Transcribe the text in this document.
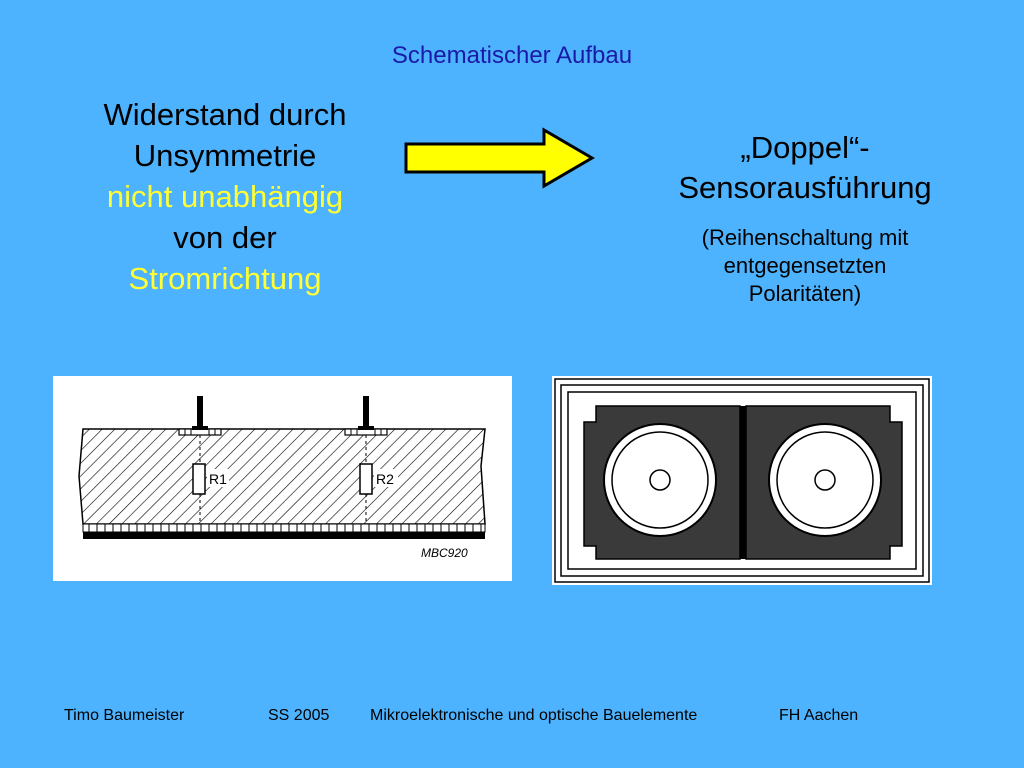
Schematischer Aufbau
Widerstand durch
Unsymmetrie
nicht unabhängig
von der
Stromrichtung
„Doppel“-
Sensorausführung
(Reihenschaltung mit
entgegensetzten
Polaritäten)
R1	R2
MBC920
Timo Baumeister	SS 2005	Mikroelektronische und optische Bauelemente	FH Aachen
